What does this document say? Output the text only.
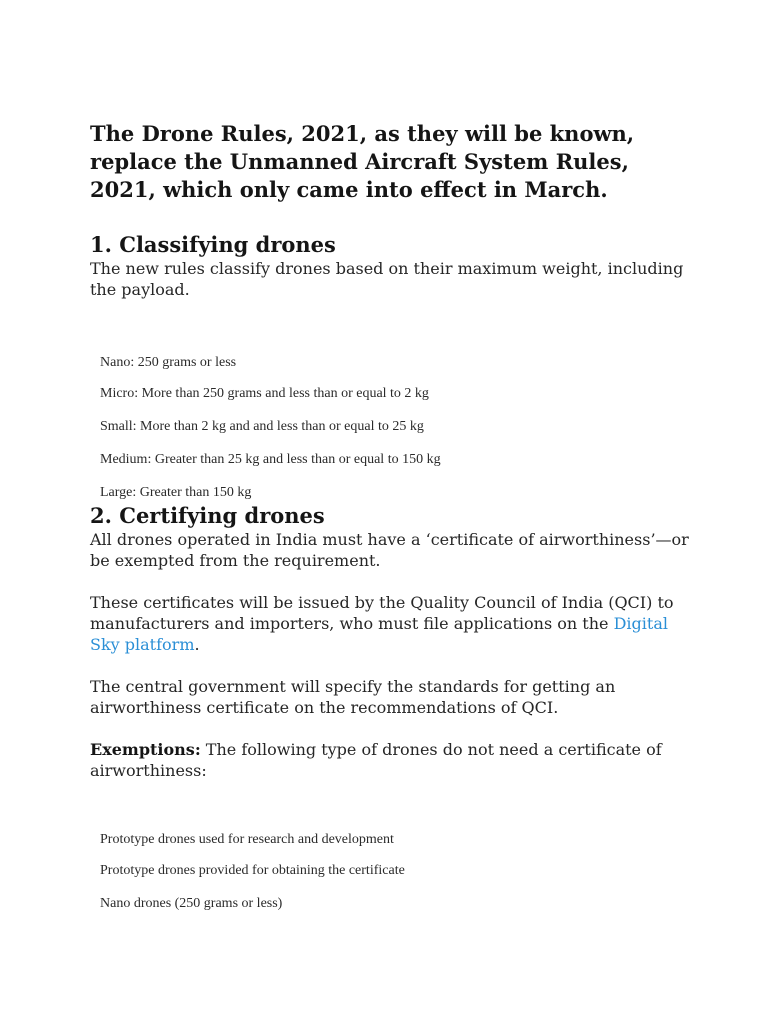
The Drone Rules, 2021, as they will be known, replace the Unmanned Aircraft System Rules, 2021, which only came into effect in March.

1. Classifying drones

The new rules classify drones based on their maximum weight, including the payload.

Nano: 250 grams or less
Micro: More than 250 grams and less than or equal to 2 kg
Small: More than 2 kg and and less than or equal to 25 kg
Medium: Greater than 25 kg and less than or equal to 150 kg
Large: Greater than 150 kg
2. Certifying drones

All drones operated in India must have a ‘certificate of airworthiness’—or be exempted from the requirement.

These certificates will be issued by the Quality Council of India (QCI) to manufacturers and importers, who must file applications on the Digital Sky platform.

The central government will specify the standards for getting an airworthiness certificate on the recommendations of QCI.

Exemptions: The following type of drones do not need a certificate of airworthiness:

Prototype drones used for research and development
Prototype drones provided for obtaining the certificate
Nano drones (250 grams or less)
